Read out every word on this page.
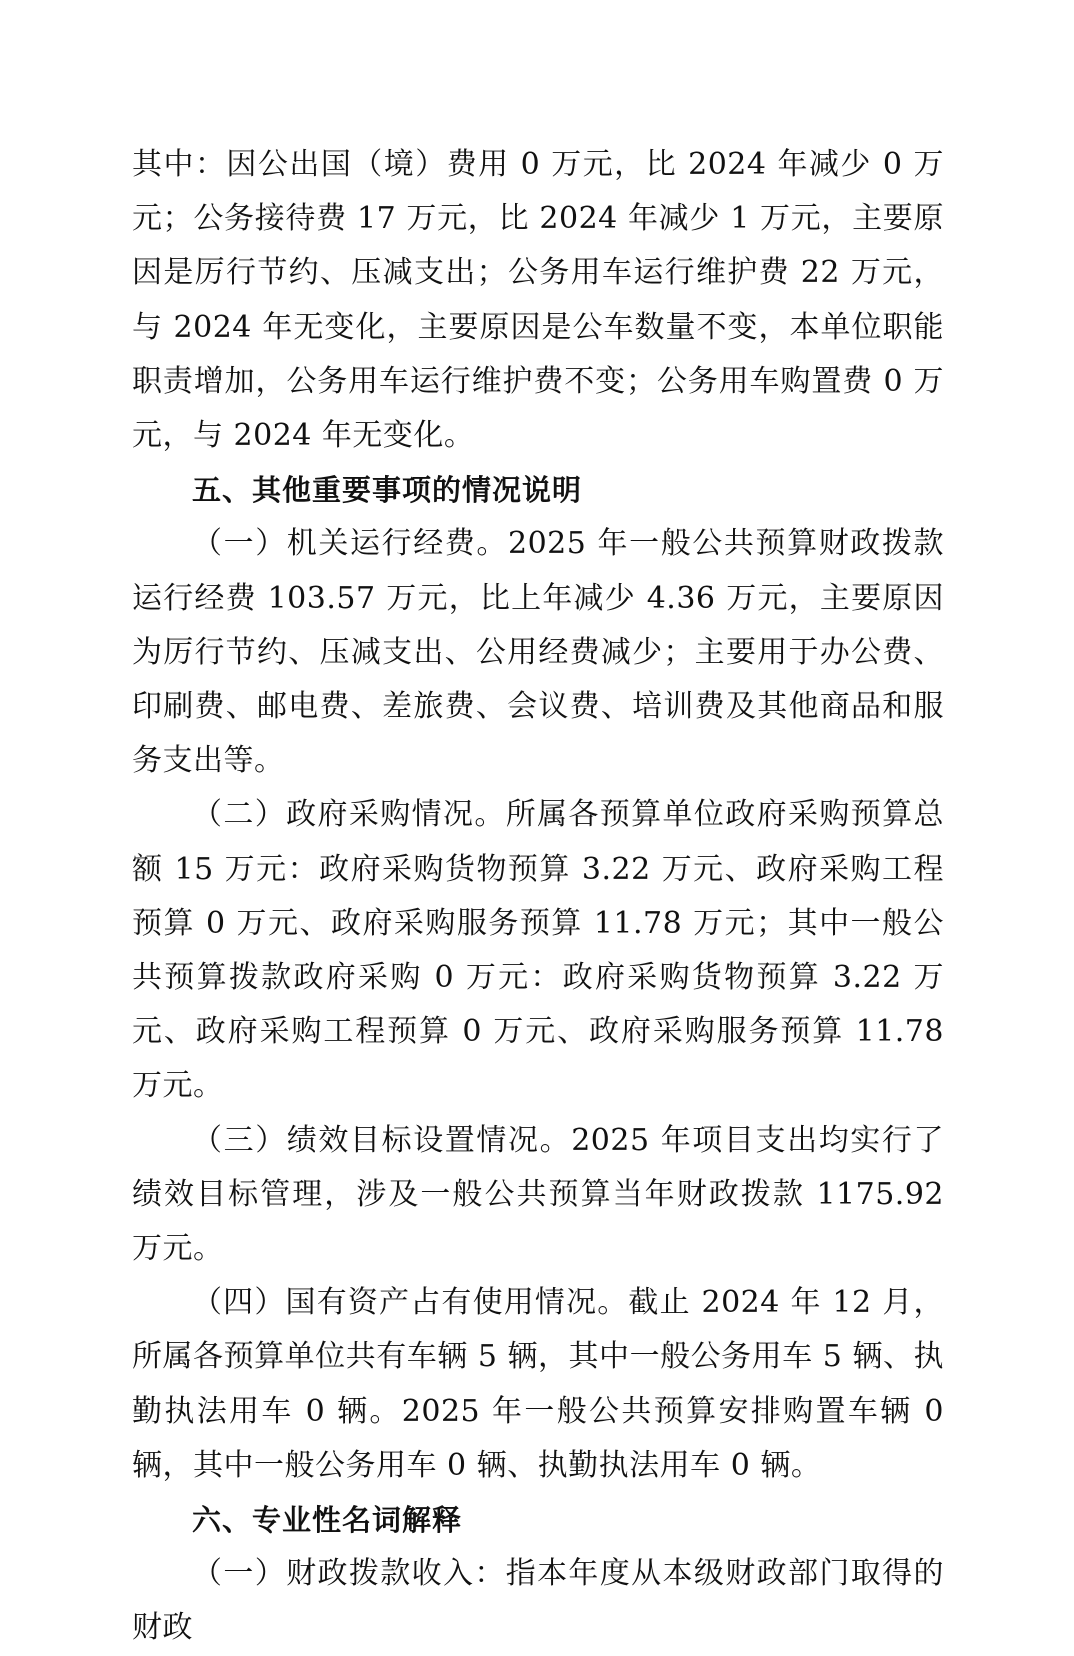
其中：因公出国（境）费用 0 万元，比 2024 年减少 0 万元；公务接待费 17 万元，比 2024 年减少 1 万元，主要原因是厉行节约、压减支出；公务用车运行维护费 22 万元，与 2024 年无变化，主要原因是公车数量不变，本单位职能职责增加，公务用车运行维护费不变；公务用车购置费 0 万元，与 2024 年无变化。

五、其他重要事项的情况说明

（一）机关运行经费。2025 年一般公共预算财政拨款运行经费 103.57 万元，比上年减少 4.36 万元，主要原因为厉行节约、压减支出、公用经费减少；主要用于办公费、印刷费、邮电费、差旅费、会议费、培训费及其他商品和服务支出等。

（二）政府采购情况。所属各预算单位政府采购预算总额 15 万元：政府采购货物预算 3.22 万元、政府采购工程预算 0 万元、政府采购服务预算 11.78 万元；其中一般公共预算拨款政府采购 0 万元：政府采购货物预算 3.22 万元、政府采购工程预算 0 万元、政府采购服务预算 11.78 万元。

（三）绩效目标设置情况。2025 年项目支出均实行了绩效目标管理，涉及一般公共预算当年财政拨款 1175.92 万元。

（四）国有资产占有使用情况。截止 2024 年 12 月，所属各预算单位共有车辆 5 辆，其中一般公务用车 5 辆、执勤执法用车 0 辆。2025 年一般公共预算安排购置车辆 0 辆，其中一般公务用车 0 辆、执勤执法用车 0 辆。

六、专业性名词解释

（一）财政拨款收入：指本年度从本级财政部门取得的财政
